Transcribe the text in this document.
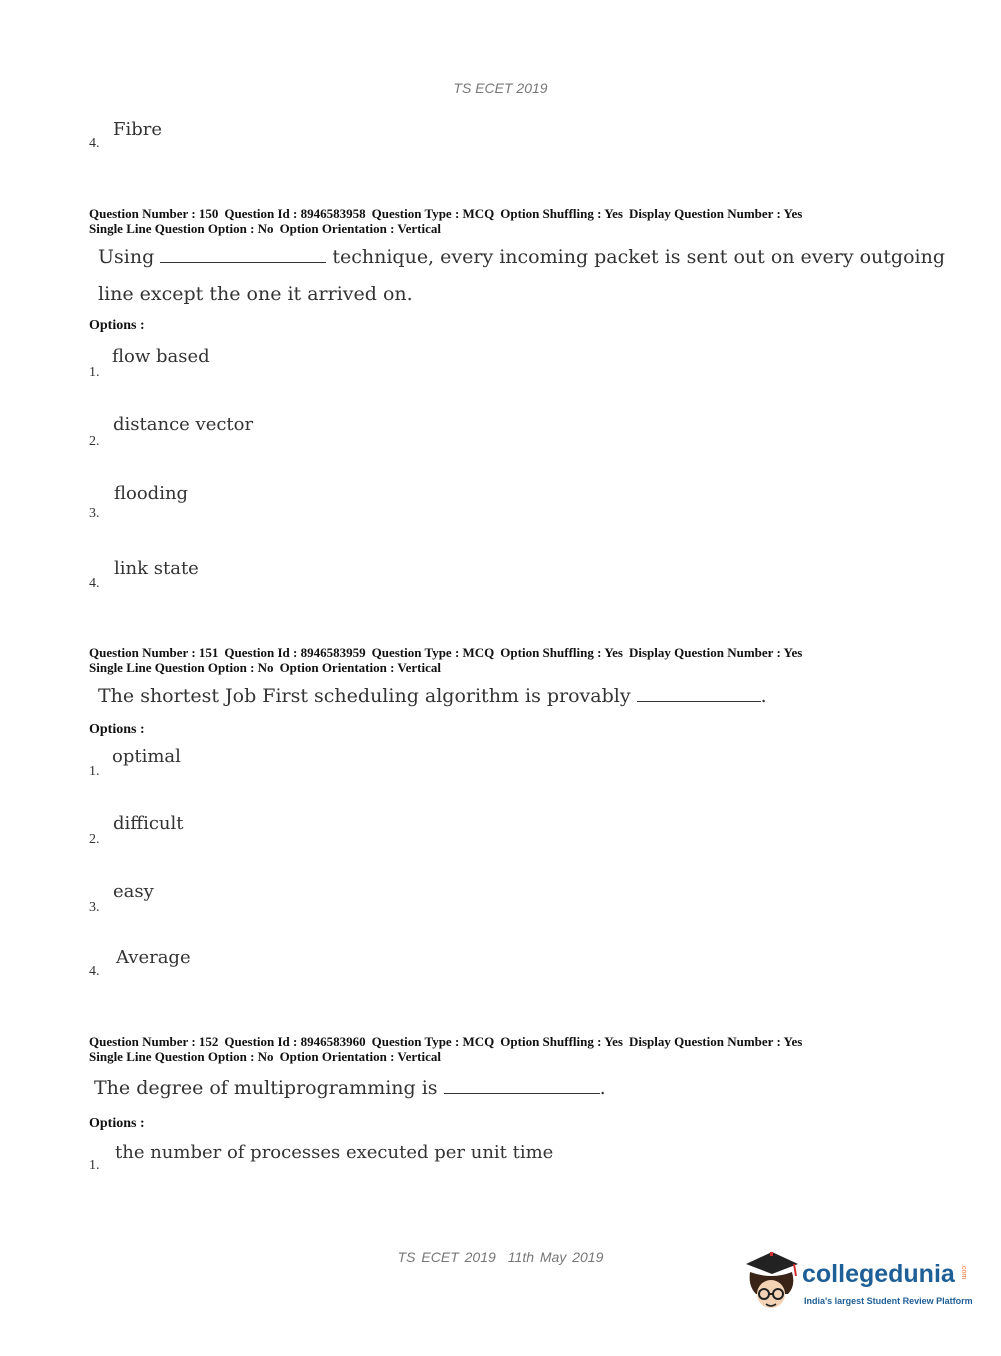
TS ECET 2019
4.
Fibre
Question Number : 150 Question Id : 8946583958 Question Type : MCQ Option Shuffling : Yes Display Question Number : Yes
Single Line Question Option : No Option Orientation : Vertical
Using	technique, every incoming packet is sent out on every outgoing
line except the one it arrived on.
Options :
1.
flow based
2.
distance vector
3.
flooding
4.
link state
Question Number : 151 Question Id : 8946583959 Question Type : MCQ Option Shuffling : Yes Display Question Number : Yes
Single Line Question Option : No Option Orientation : Vertical
The shortest Job First scheduling algorithm is provably	.
Options :
1.
optimal
2.
difficult
3.
easy
4.
Average
Question Number : 152 Question Id : 8946583960 Question Type : MCQ Option Shuffling : Yes Display Question Number : Yes
Single Line Question Option : No Option Orientation : Vertical
The degree of multiprogramming is	.
Options :
1.
the number of processes executed per unit time
TS ECET 2019 11th May 2019
collegedunia .com
India's largest Student Review Platform
